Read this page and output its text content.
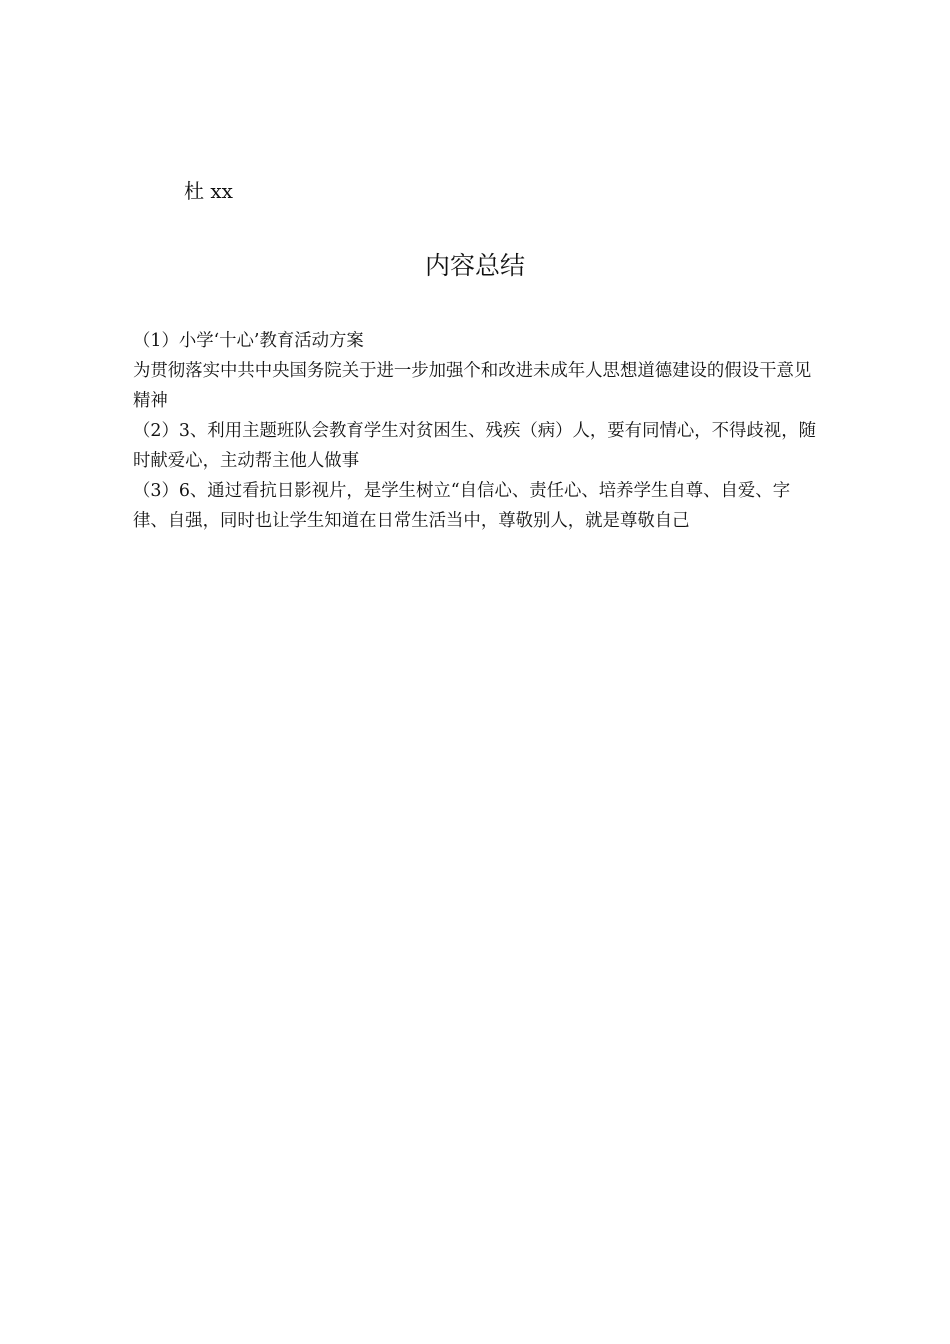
杜 xx
内容总结

（1）小学‘十心’教育活动方案

为贯彻落实中共中央国务院关于进一步加强个和改进未成年人思想道德建设的假设干意见精神

（2）3、利用主题班队会教育学生对贫困生、残疾（病）人，要有同情心，不得歧视，随时献爱心，主动帮主他人做事

（3）6、通过看抗日影视片，是学生树立“自信心、责任心、培养学生自尊、自爱、字律、自强，同时也让学生知道在日常生活当中，尊敬别人，就是尊敬自己
